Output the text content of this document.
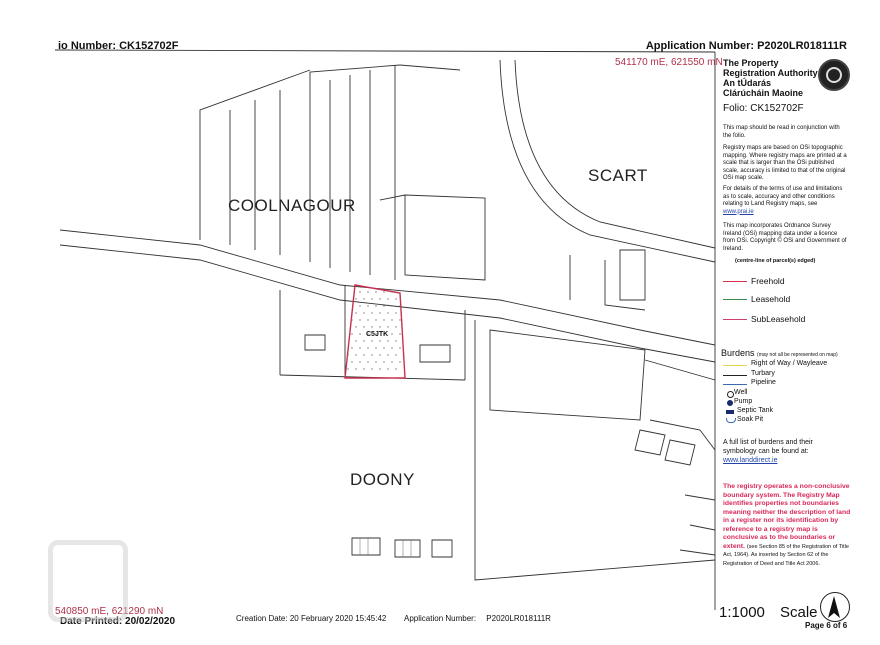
io Number: CK152702F	Application Number: P2020LR018111R
541170 mE, 621550 mN
COOLNAGOUR
SCART
DOONY
C5JTK
The Property
Registration Authority
An tÚdarás
Clárúcháin Maoine
Folio: CK152702F
This map should be read in conjunction with the folio.
Registry maps are based on OSi topographic mapping. Where registry maps are printed at a scale that is larger than the OSi published scale, accuracy is limited to that of the original OSi map scale.
For details of the terms of use and limitations as to scale, accuracy and other conditions relating to Land Registry maps, see www.prai.ie
This map incorporates Ordnance Survey Ireland (OSi) mapping data under a licence from OSi. Copyright © OSi and Government of Ireland.
(centre-line of parcel(s) edged)
Freehold
Leasehold
SubLeasehold
Burdens (may not all be represented on map)
Right of Way / Wayleave
Turbary
Pipeline
Well
Pump
Septic Tank
Soak Pit
A full list of burdens and their symbology can be found at:
www.landdirect.ie
The registry operates a non-conclusive boundary system. The Registry Map identifies properties not boundaries meaning neither the description of land in a register nor its identification by reference to a registry map is conclusive as to the boundaries or extent. (see Section 85 of the Registration of Title Act, 1964). As inserted by Section 62 of the Registration of Deed and Title Act 2006.
540850 mE, 621290 mN
Date Printed: 20/02/2020	Creation Date: 20 February 2020 15:45:42 Application Number: P2020LR018111R	1:1000 Scale
Page 6 of 6
